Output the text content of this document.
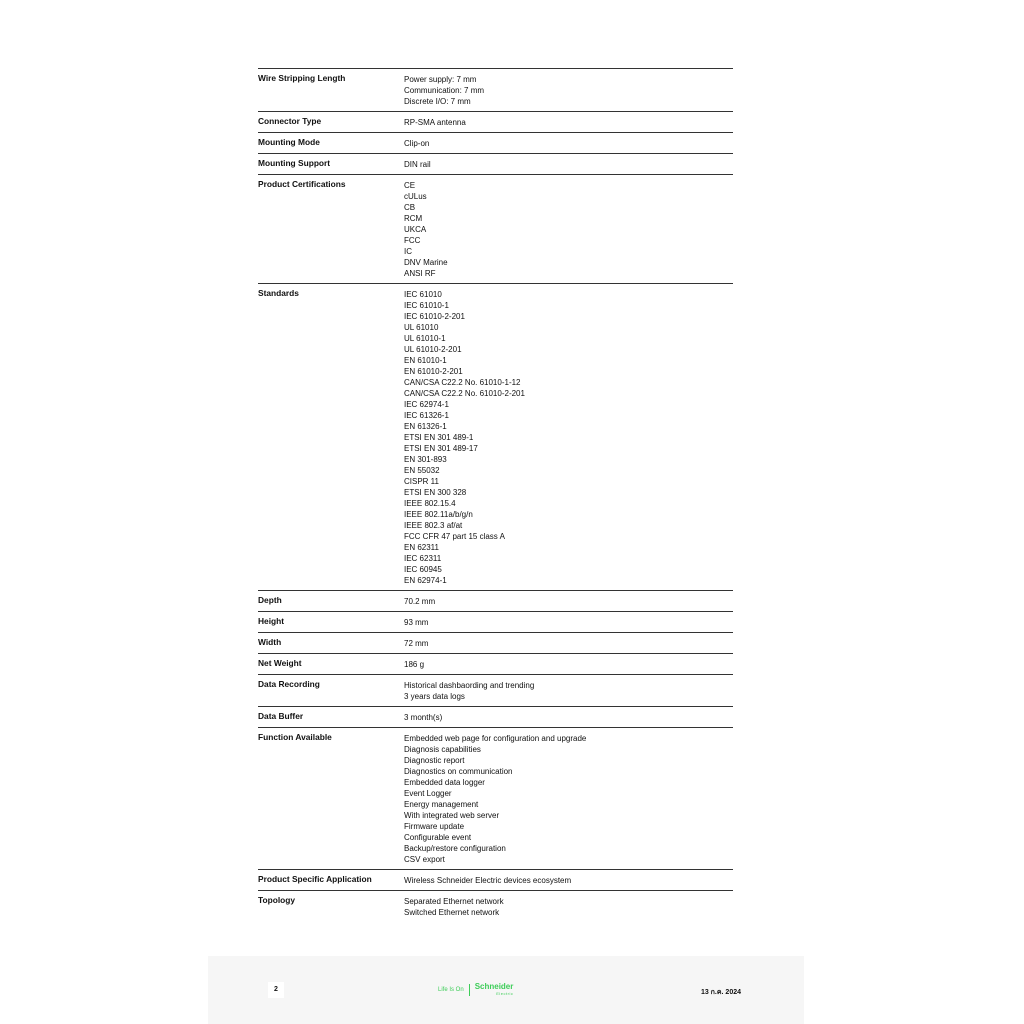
Wire Stripping Length	Power supply: 7 mm
Communication: 7 mm
Discrete I/O: 7 mm
Connector Type	RP-SMA antenna
Mounting Mode	Clip-on
Mounting Support	DIN rail
Product Certifications	CE
cULus
CB
RCM
UKCA
FCC
IC
DNV Marine
ANSI RF
Standards	IEC 61010
IEC 61010-1
IEC 61010-2-201
UL 61010
UL 61010-1
UL 61010-2-201
EN 61010-1
EN 61010-2-201
CAN/CSA C22.2 No. 61010-1-12
CAN/CSA C22.2 No. 61010-2-201
IEC 62974-1
IEC 61326-1
EN 61326-1
ETSI EN 301 489-1
ETSI EN 301 489-17
EN 301-893
EN 55032
CISPR 11
ETSI EN 300 328
IEEE 802.15.4
IEEE 802.11a/b/g/n
IEEE 802.3 af/at
FCC CFR 47 part 15 class A
EN 62311
IEC 62311
IEC 60945
EN 62974-1
Depth	70.2 mm
Height	93 mm
Width	72 mm
Net Weight	186 g
Data Recording	Historical dashbaording and trending
3 years data logs
Data Buffer	3 month(s)
Function Available	Embedded web page for configuration and upgrade
Diagnosis capabilities
Diagnostic report
Diagnostics on communication
Embedded data logger
Event Logger
Energy management
With integrated web server
Firmware update
Configurable event
Backup/restore configuration
CSV export
Product Specific Application	Wireless Schneider Electric devices ecosystem
Topology	Separated Ethernet network
Switched Ethernet network
2	Life Is On	Schneider
Electric	13 ก.ค. 2024
